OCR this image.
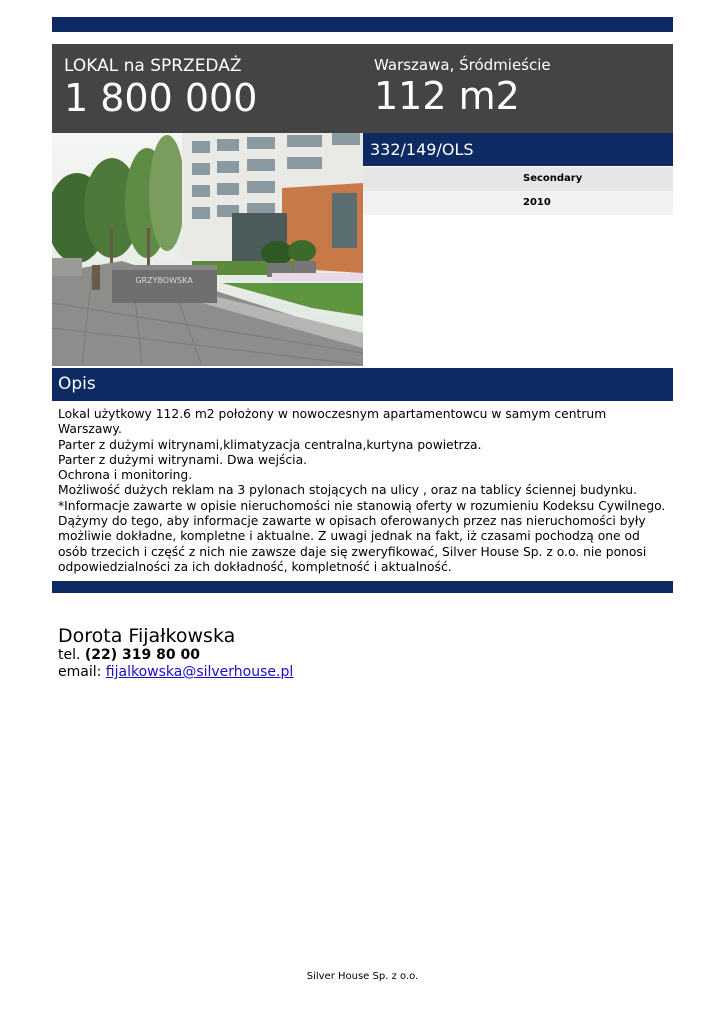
LOKAL na SPRZEDAŻ
1 800 000
Warszawa, Śródmieście
112 m2
GRZYBOWSKA
332/149/OLS
Secondary
2010
Opis
Lokal użytkowy 112.6 m2 położony w nowoczesnym apartamentowcu w samym centrum
Warszawy.
Parter z dużymi witrynami,klimatyzacja centralna,kurtyna powietrza.
Parter z dużymi witrynami. Dwa wejścia.
Ochrona i monitoring.
Możliwość dużych reklam na 3 pylonach stojących na ulicy , oraz na tablicy ściennej budynku.
*Informacje zawarte w opisie nieruchomości nie stanowią oferty w rozumieniu Kodeksu Cywilnego.
Dążymy do tego, aby informacje zawarte w opisach oferowanych przez nas nieruchomości były
możliwie dokładne, kompletne i aktualne. Z uwagi jednak na fakt, iż czasami pochodzą one od
osób trzecich i część z nich nie zawsze daje się zweryfikować, Silver House Sp. z o.o. nie ponosi
odpowiedzialności za ich dokładność, kompletność i aktualność.
Dorota Fijałkowska
tel. (22) 319 80 00
email: fijalkowska@silverhouse.pl
Silver House Sp. z o.o.
